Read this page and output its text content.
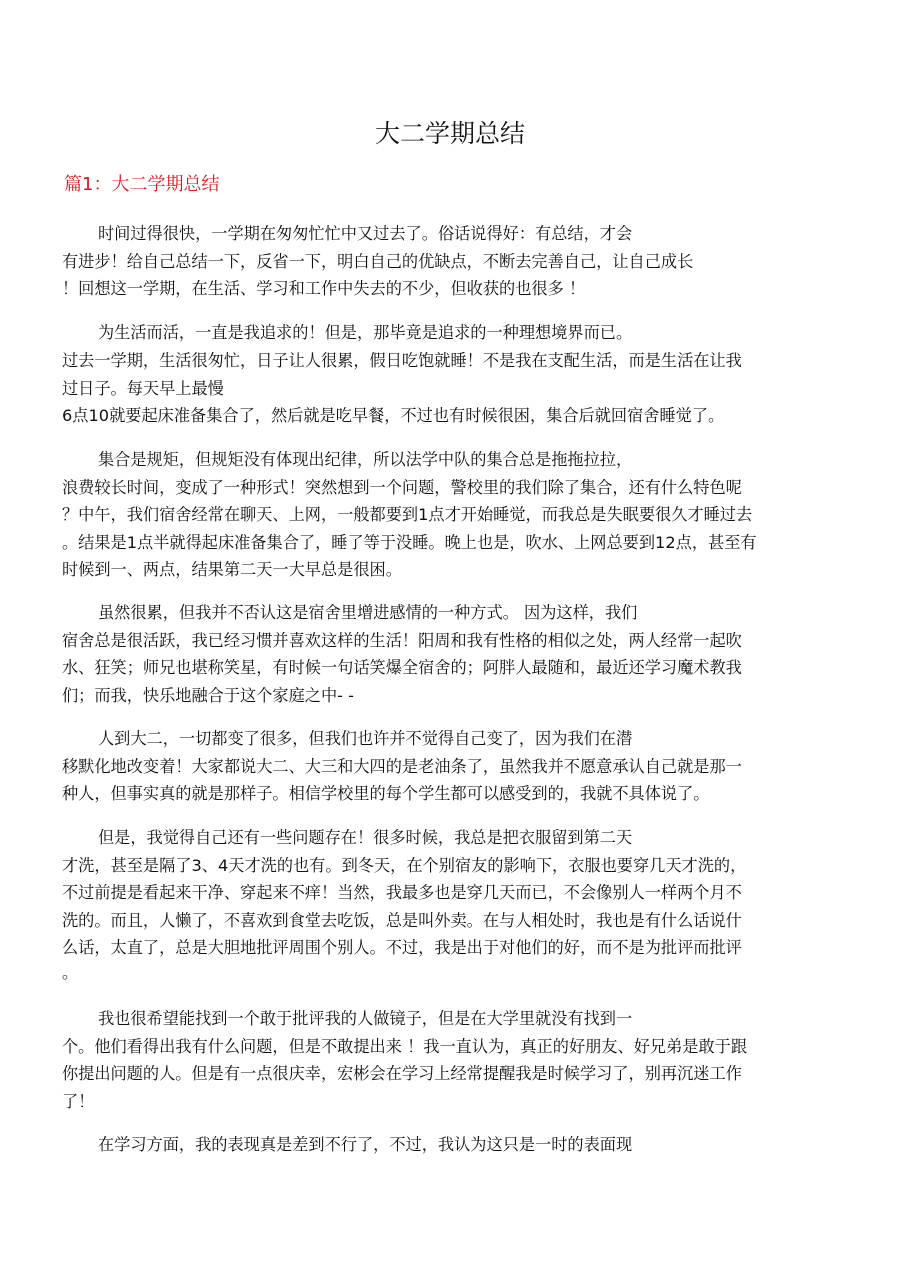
大二学期总结
篇1：大二学期总结
时间过得很快，一学期在匆匆忙忙中又过去了。俗话说得好：有总结，才会
有进步！给自己总结一下，反省一下，明白自己的优缺点，不断去完善自己，让自己成长
！回想这一学期，在生活、学习和工作中失去的不少，但收获的也很多 ！
为生活而活，一直是我追求的！但是，那毕竟是追求的一种理想境界而已。
过去一学期，生活很匆忙，日子让人很累，假日吃饱就睡！不是我在支配生活，而是生活在让我
过日子。每天早上最慢
6点10就要起床准备集合了，然后就是吃早餐，不过也有时候很困，集合后就回宿舍睡觉了。
集合是规矩，但规矩没有体现出纪律，所以法学中队的集合总是拖拖拉拉，
浪费较长时间，变成了一种形式！突然想到一个问题，警校里的我们除了集合，还有什么特色呢
？中午，我们宿舍经常在聊天、上网，一般都要到1点才开始睡觉，而我总是失眠要很久才睡过去
。结果是1点半就得起床准备集合了，睡了等于没睡。晚上也是，吹水、上网总要到12点，甚至有
时候到一、两点，结果第二天一大早总是很困。
虽然很累，但我并不否认这是宿舍里增进感情的一种方式。 因为这样，我们
宿舍总是很活跃，我已经习惯并喜欢这样的生活！阳周和我有性格的相似之处，两人经常一起吹
水、狂笑；师兄也堪称笑星，有时候一句话笑爆全宿舍的；阿胖人最随和，最近还学习魔术教我
们；而我，快乐地融合于这个家庭之中- -
人到大二，一切都变了很多，但我们也许并不觉得自己变了，因为我们在潜
移默化地改变着！大家都说大二、大三和大四的是老油条了，虽然我并不愿意承认自己就是那一
种人，但事实真的就是那样子。相信学校里的每个学生都可以感受到的，我就不具体说了。
但是，我觉得自己还有一些问题存在！很多时候，我总是把衣服留到第二天
才洗，甚至是隔了3、4天才洗的也有。到冬天，在个别宿友的影响下，衣服也要穿几天才洗的，
不过前提是看起来干净、穿起来不痒！当然，我最多也是穿几天而已，不会像别人一样两个月不
洗的。而且，人懒了，不喜欢到食堂去吃饭，总是叫外卖。在与人相处时，我也是有什么话说什
么话，太直了，总是大胆地批评周围个别人。不过，我是出于对他们的好，而不是为批评而批评
。
我也很希望能找到一个敢于批评我的人做镜子，但是在大学里就没有找到一
个。他们看得出我有什么问题，但是不敢提出来 ！我一直认为，真正的好朋友、好兄弟是敢于跟
你提出问题的人。但是有一点很庆幸，宏彬会在学习上经常提醒我是时候学习了，别再沉迷工作
了！
在学习方面，我的表现真是差到不行了，不过，我认为这只是一时的表面现
